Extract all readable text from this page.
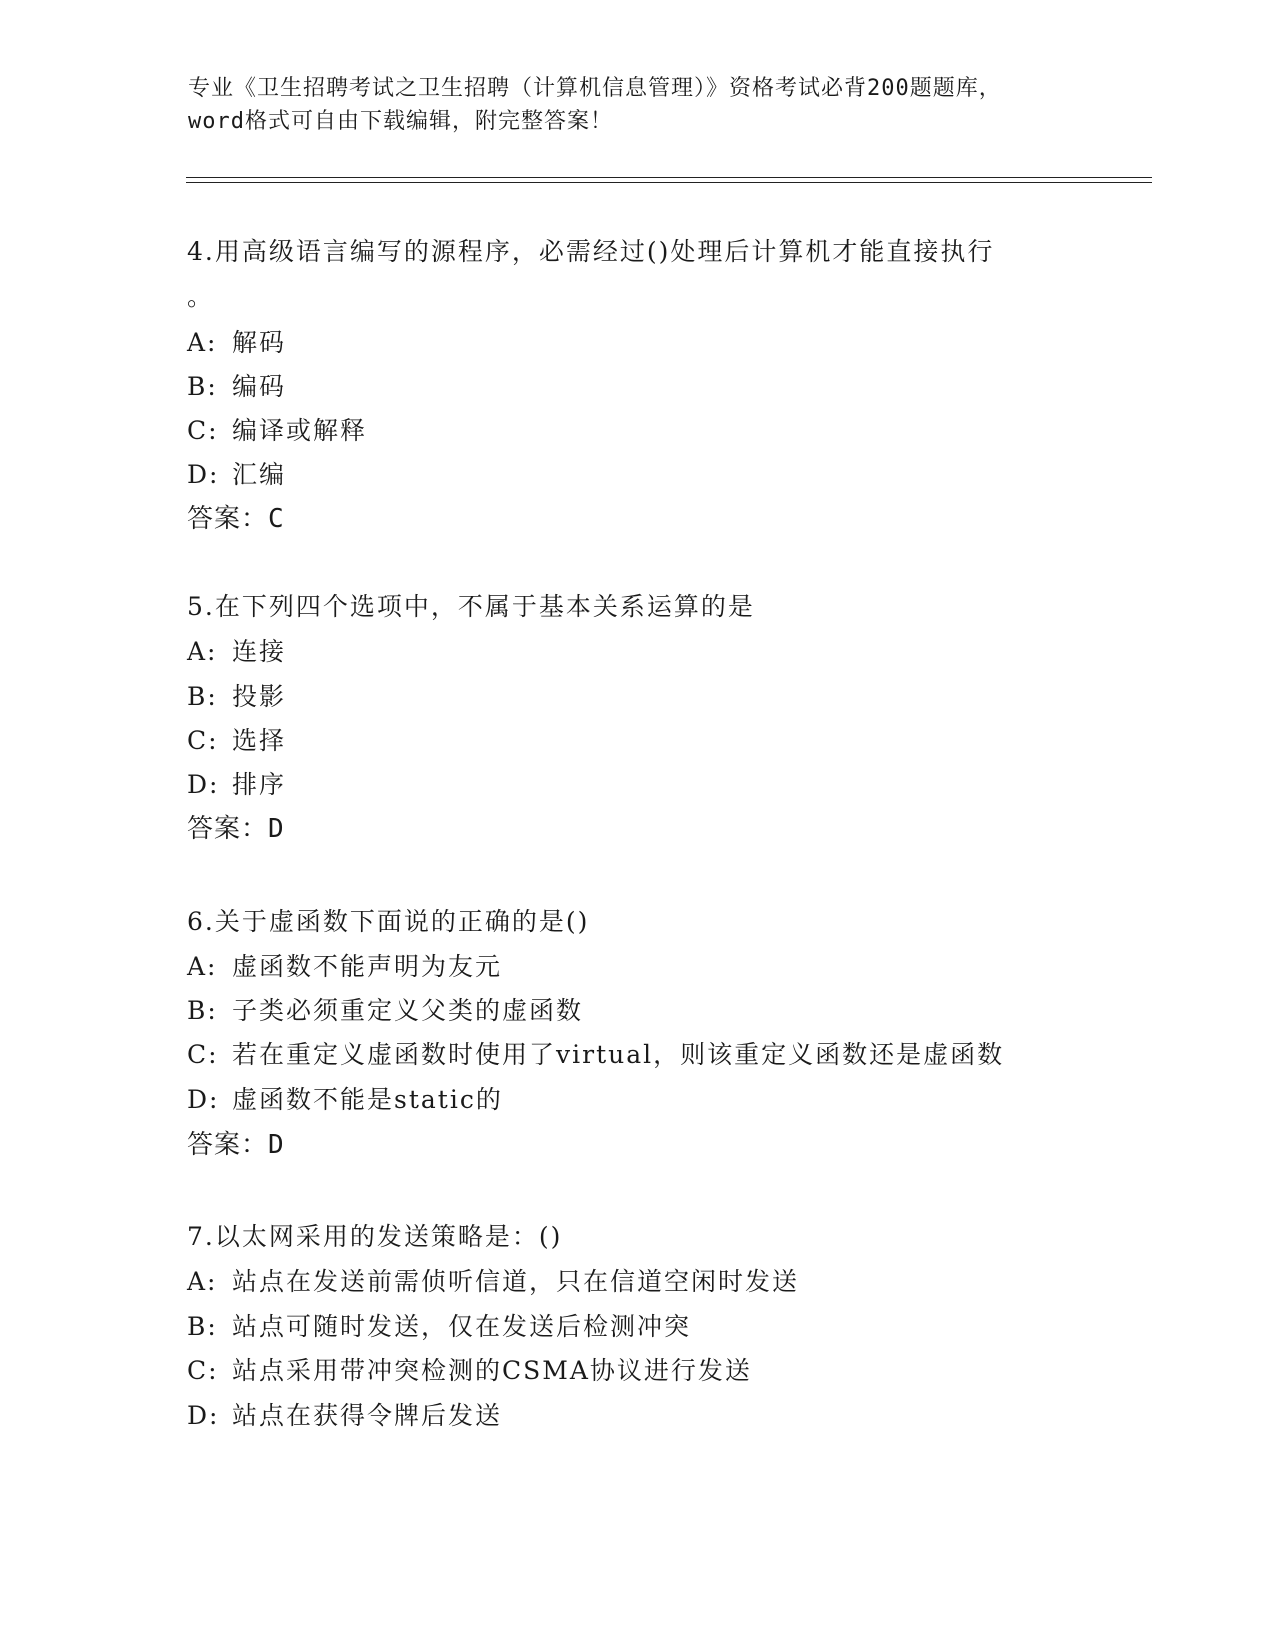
专业《卫生招聘考试之卫生招聘（计算机信息管理）》资格考试必背200题题库，
word格式可自由下载编辑，附完整答案！
4.用高级语言编写的源程序，必需经过()处理后计算机才能直接执行
。
A: 解码
B: 编码
C: 编译或解释
D: 汇编
答案：C
5.在下列四个选项中，不属于基本关系运算的是
A: 连接
B: 投影
C: 选择
D: 排序
答案：D
6.关于虚函数下面说的正确的是()
A: 虚函数不能声明为友元
B: 子类必须重定义父类的虚函数
C: 若在重定义虚函数时使用了virtual，则该重定义函数还是虚函数
D: 虚函数不能是static的
答案：D
7.以太网采用的发送策略是：()
A: 站点在发送前需侦听信道，只在信道空闲时发送
B: 站点可随时发送，仅在发送后检测冲突
C: 站点采用带冲突检测的CSMA协议进行发送
D: 站点在获得令牌后发送
